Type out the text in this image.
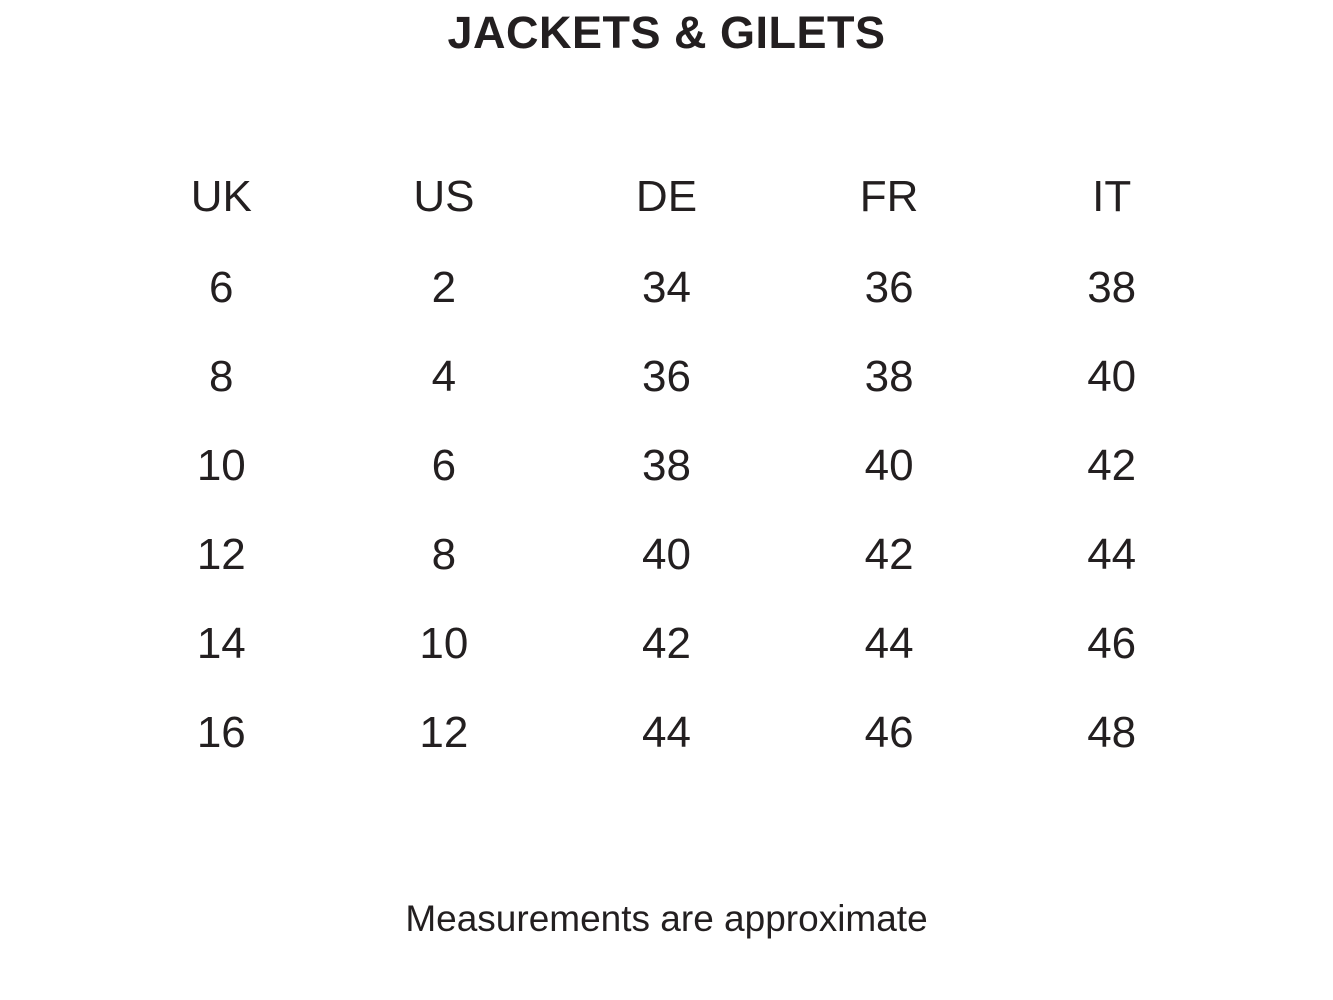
JACKETS & GILETS
UK	US	DE	FR	IT
6	2	34	36	38
8	4	36	38	40
10	6	38	40	42
12	8	40	42	44
14	10	42	44	46
16	12	44	46	48
Measurements are approximate
